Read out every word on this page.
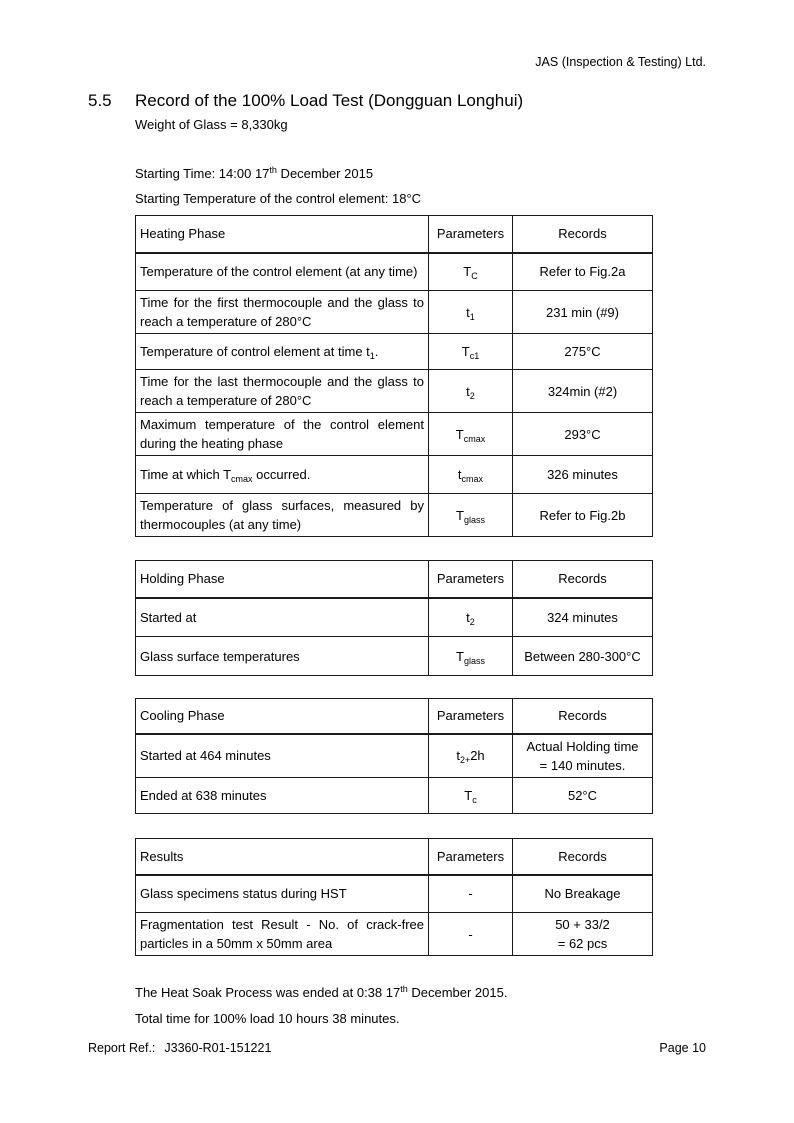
JAS (Inspection & Testing) Ltd.
5.5	Record of the 100% Load Test (Dongguan Longhui)
Weight of Glass = 8,330kg
Starting Time: 14:00 17th December 2015
Starting Temperature of the control element: 18°C
Heating Phase	Parameters	Records
Temperature of the control element (at any time)	$T_C$	Refer to Fig.2a
Time for the first thermocouple and the glass to reach a temperature of 280°C	$t_1$	231 min (#9)
Temperature of control element at time $t_1$.	$T_{c1}$	275°C
Time for the last thermocouple and the glass to reach a temperature of 280°C	$t_2$	324min (#2)
Maximum temperature of the control element during the heating phase	$T_{cmax}$	293°C
Time at which $T_{cmax}$ occurred.	$t_{cmax}$	326 minutes
Temperature of glass surfaces, measured by thermocouples (at any time)	$T_{glass}$	Refer to Fig.2b
Holding Phase	Parameters	Records
Started at	$t_2$	324 minutes
Glass surface temperatures	$T_{glass}$	Between 280-300°C
Cooling Phase	Parameters	Records
Started at 464 minutes	$t_{2+}2h$	Actual Holding time
= 140 minutes.
Ended at 638 minutes	$T_c$	52°C
Results	Parameters	Records
Glass specimens status during HST	-	No Breakage
Fragmentation test Result - No. of crack-free particles in a 50mm x 50mm area	-	50 + 33/2
= 62 pcs
The Heat Soak Process was ended at 0:38 17th December 2015.
Total time for 100% load 10 hours 38 minutes.
Report Ref.: J3360-R01-151221	Page 10
